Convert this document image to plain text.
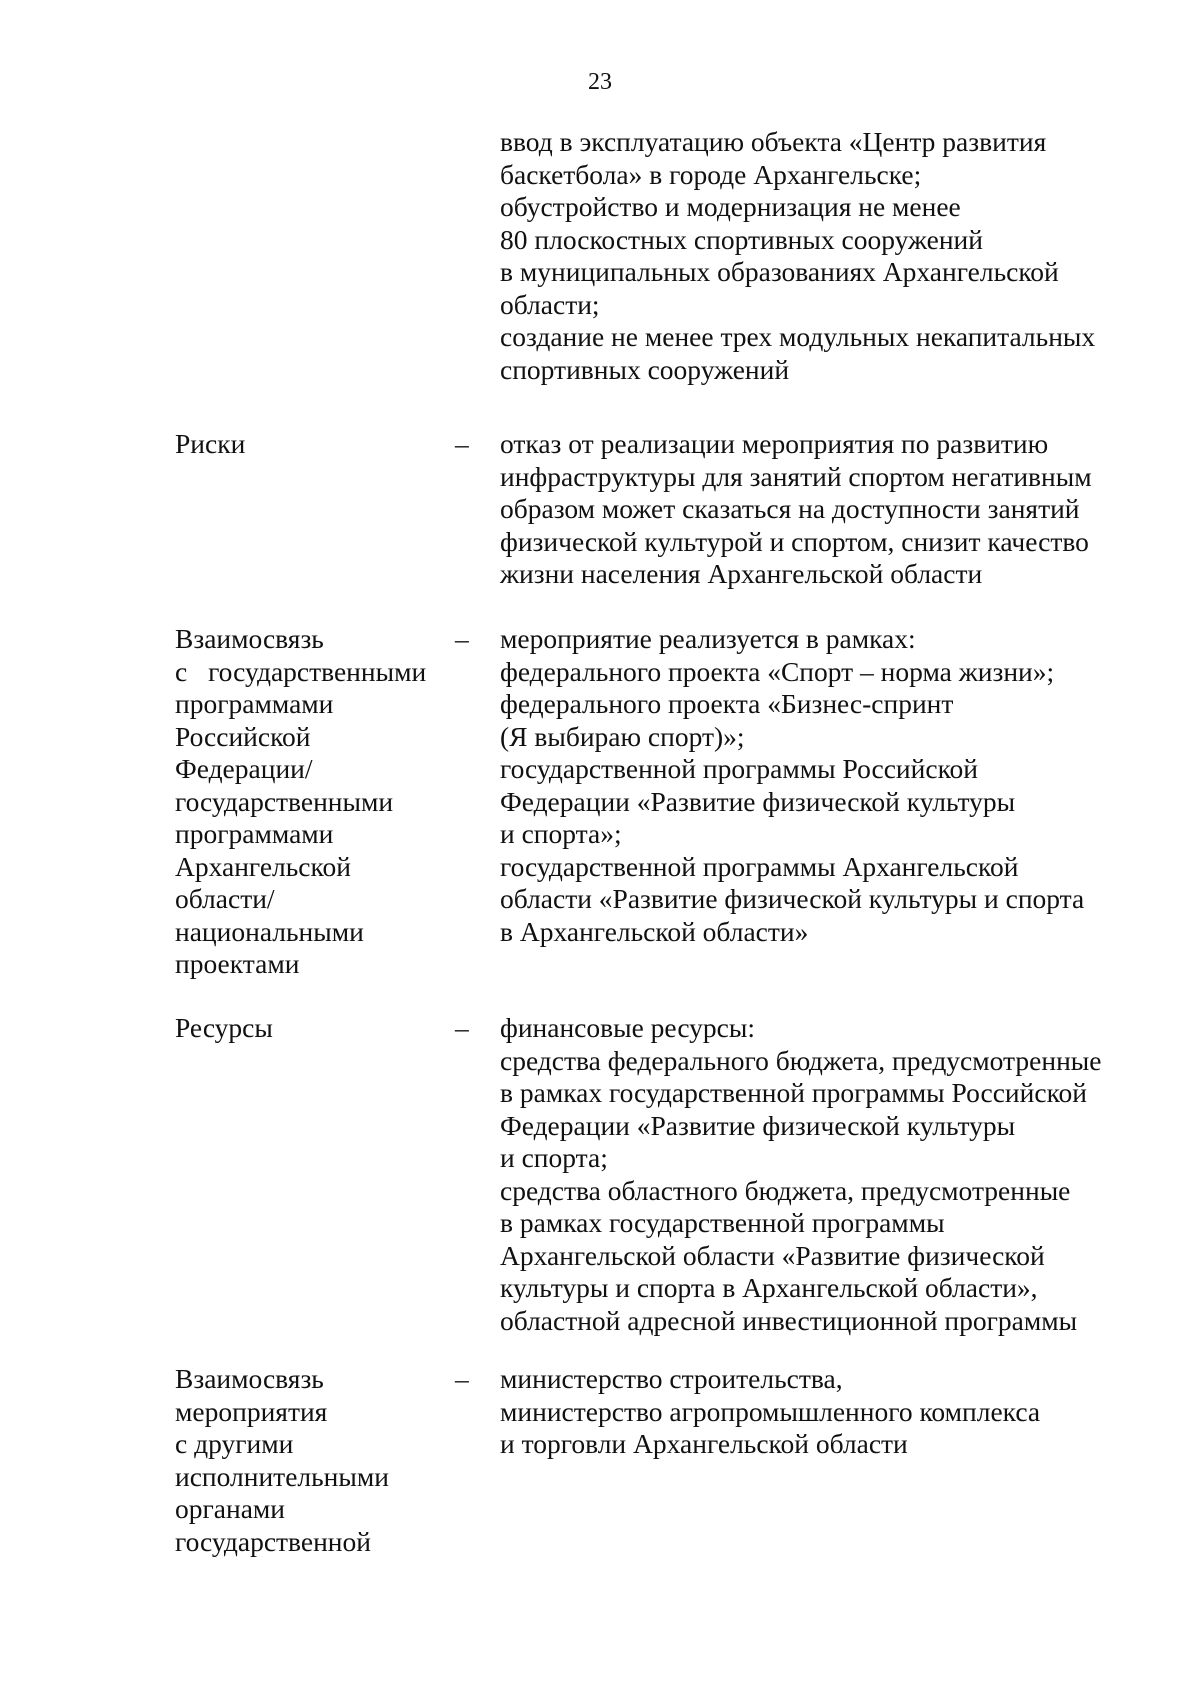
23
ввод в эксплуатацию объекта «Центр развития
баскетбола» в городе Архангельске;
обустройство и модернизация не менее
80 плоскостных спортивных сооружений
в муниципальных образованиях Архангельской
области;
создание не менее трех модульных некапитальных
спортивных сооружений
Риски	– отказ от реализации мероприятия по развитию
инфраструктуры для занятий спортом негативным
образом может сказаться на доступности занятий
физической культурой и спортом, снизит качество
жизни населения Архангельской области
Взаимосвязь
с государственными
программами
Российской
Федерации/
государственными
программами
Архангельской
области/
национальными
проектами
– мероприятие реализуется в рамках:
федерального проекта «Спорт – норма жизни»;
федерального проекта «Бизнес-спринт
(Я выбираю спорт)»;
государственной программы Российской
Федерации «Развитие физической культуры
и спорта»;
государственной программы Архангельской
области «Развитие физической культуры и спорта
в Архангельской области»
Ресурсы	– финансовые ресурсы:
средства федерального бюджета, предусмотренные
в рамках государственной программы Российской
Федерации «Развитие физической культуры
и спорта;
средства областного бюджета, предусмотренные
в рамках государственной программы
Архангельской области «Развитие физической
культуры и спорта в Архангельской области»,
областной адресной инвестиционной программы
Взаимосвязь
мероприятия
с другими
исполнительными
органами
государственной
– министерство строительства,
министерство агропромышленного комплекса
и торговли Архангельской области
